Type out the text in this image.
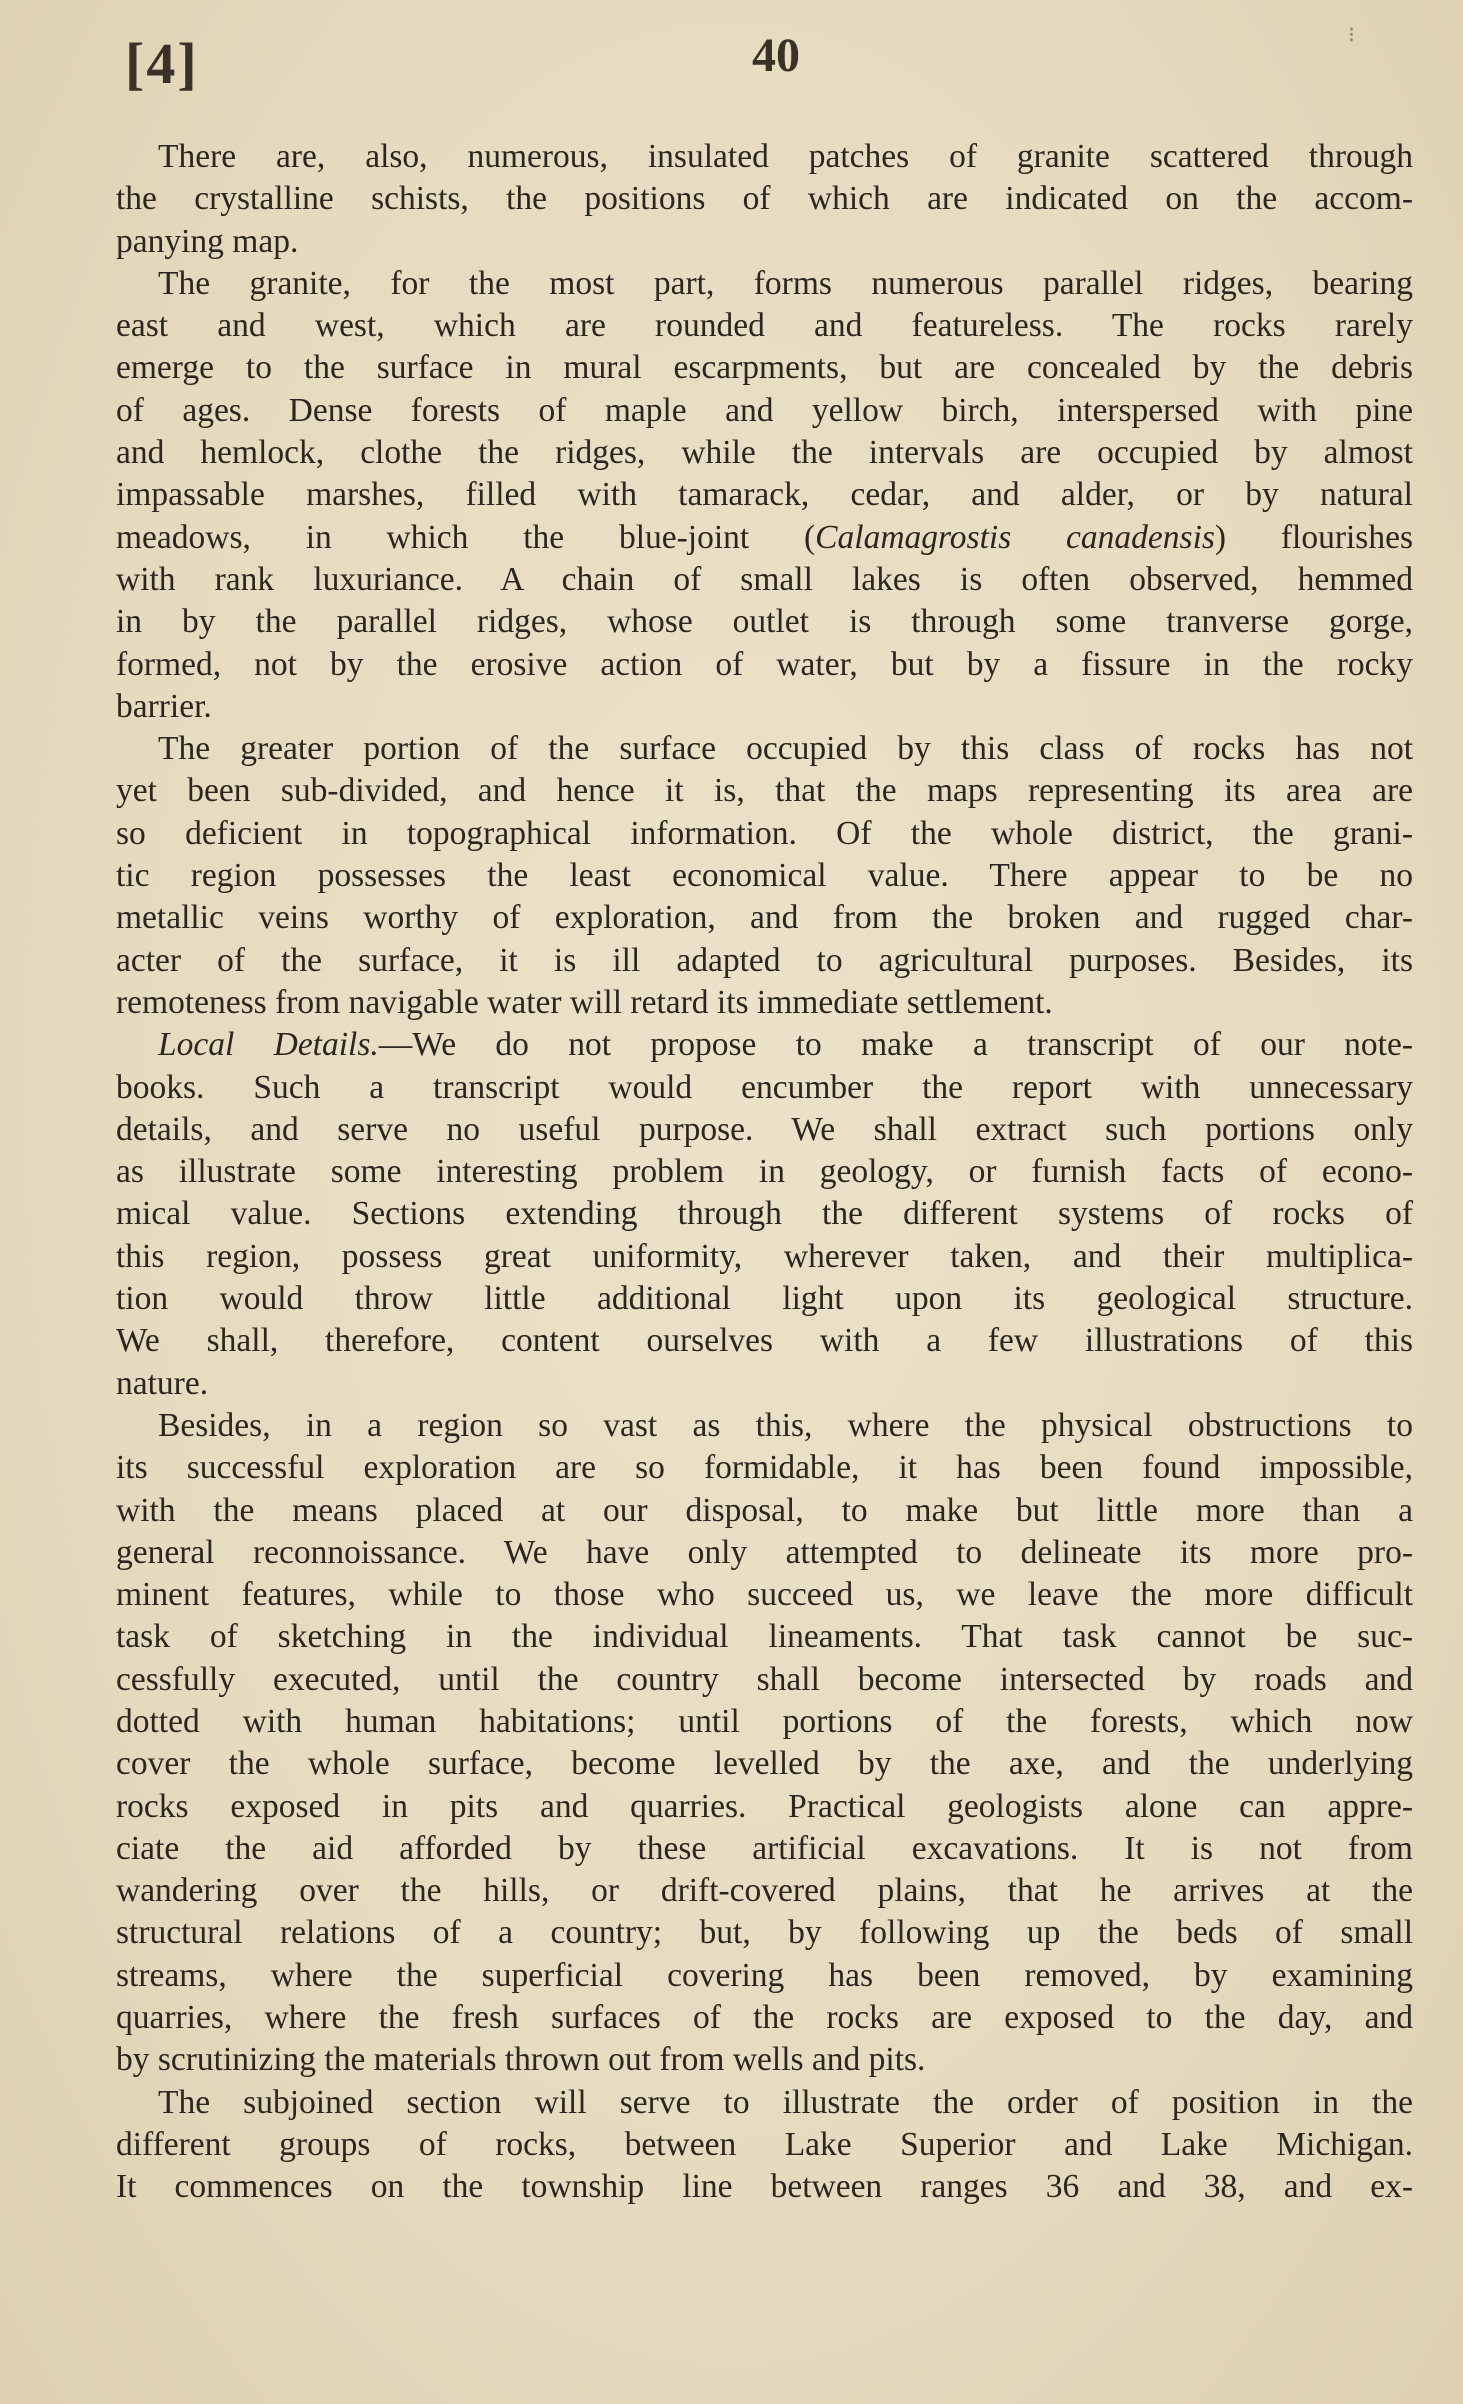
[4]	40	⁝
There are, also, numerous, insulated patches of granite scattered through
the crystalline schists, the positions of which are indicated on the accom-
panying map.
The granite, for the most part, forms numerous parallel ridges, bearing
east and west, which are rounded and featureless. The rocks rarely
emerge to the surface in mural escarpments, but are concealed by the debris
of ages. Dense forests of maple and yellow birch, interspersed with pine
and hemlock, clothe the ridges, while the intervals are occupied by almost
impassable marshes, filled with tamarack, cedar, and alder, or by natural
meadows, in which the blue-joint (Calamagrostis canadensis) flourishes
with rank luxuriance. A chain of small lakes is often observed, hemmed
in by the parallel ridges, whose outlet is through some tranverse gorge,
formed, not by the erosive action of water, but by a fissure in the rocky
barrier.
The greater portion of the surface occupied by this class of rocks has not
yet been sub-divided, and hence it is, that the maps representing its area are
so deficient in topographical information. Of the whole district, the grani-
tic region possesses the least economical value. There appear to be no
metallic veins worthy of exploration, and from the broken and rugged char-
acter of the surface, it is ill adapted to agricultural purposes. Besides, its
remoteness from navigable water will retard its immediate settlement.
Local Details.—We do not propose to make a transcript of our note-
books. Such a transcript would encumber the report with unnecessary
details, and serve no useful purpose. We shall extract such portions only
as illustrate some interesting problem in geology, or furnish facts of econo-
mical value. Sections extending through the different systems of rocks of
this region, possess great uniformity, wherever taken, and their multiplica-
tion would throw little additional light upon its geological structure.
We shall, therefore, content ourselves with a few illustrations of this
nature.
Besides, in a region so vast as this, where the physical obstructions to
its successful exploration are so formidable, it has been found impossible,
with the means placed at our disposal, to make but little more than a
general reconnoissance. We have only attempted to delineate its more pro-
minent features, while to those who succeed us, we leave the more difficult
task of sketching in the individual lineaments. That task cannot be suc-
cessfully executed, until the country shall become intersected by roads and
dotted with human habitations; until portions of the forests, which now
cover the whole surface, become levelled by the axe, and the underlying
rocks exposed in pits and quarries. Practical geologists alone can appre-
ciate the aid afforded by these artificial excavations. It is not from
wandering over the hills, or drift-covered plains, that he arrives at the
structural relations of a country; but, by following up the beds of small
streams, where the superficial covering has been removed, by examining
quarries, where the fresh surfaces of the rocks are exposed to the day, and
by scrutinizing the materials thrown out from wells and pits.
The subjoined section will serve to illustrate the order of position in the
different groups of rocks, between Lake Superior and Lake Michigan.
It commences on the township line between ranges 36 and 38, and ex-
